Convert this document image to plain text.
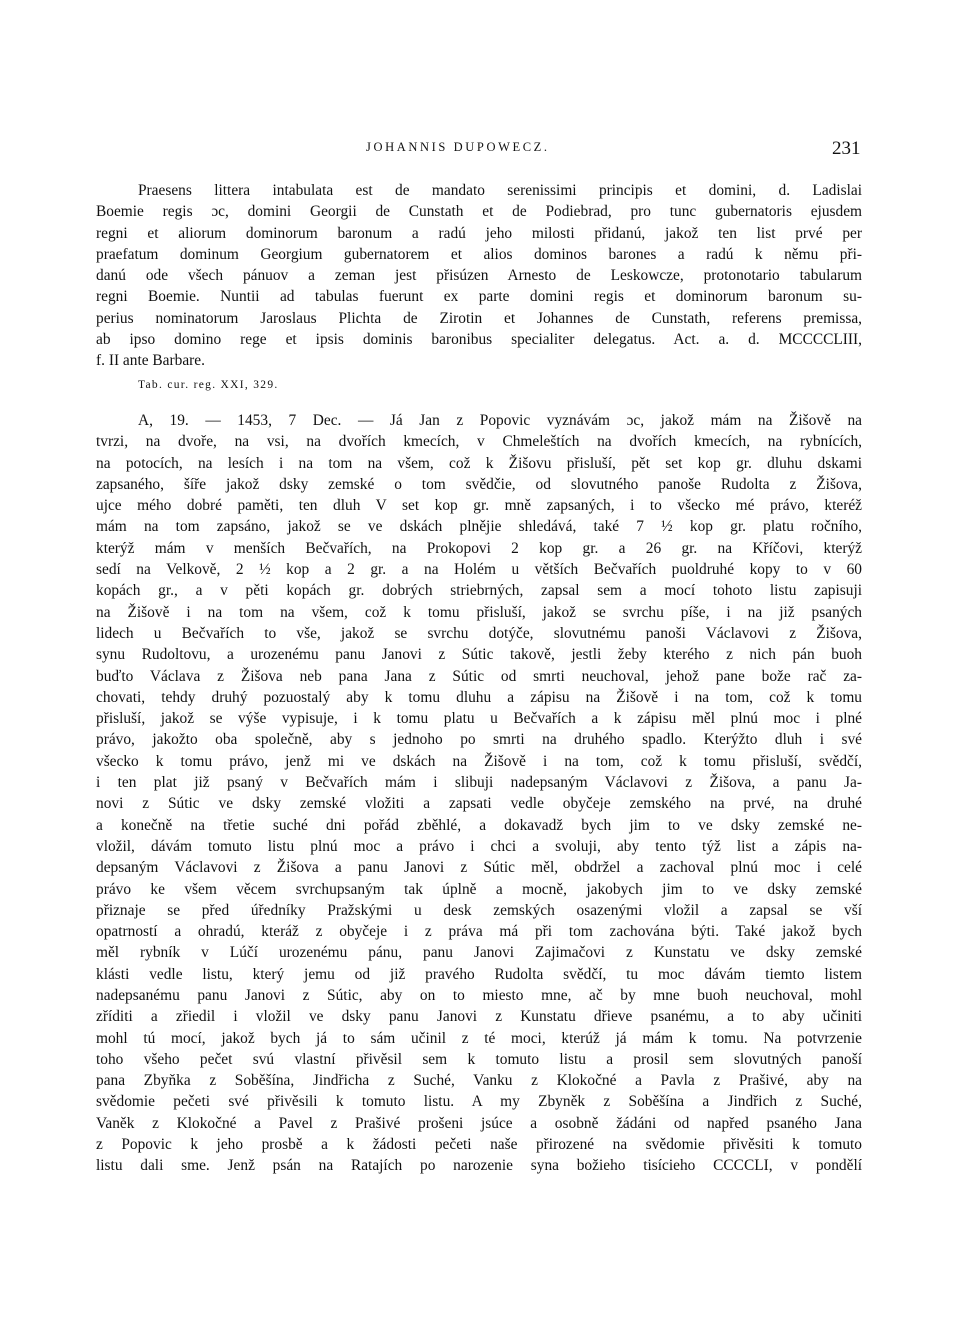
JOHANNIS DUPOWECZ.	231
Praesens littera intabulata est de mandato serenissimi principis et domini, d. Ladislai
Boemie regis ɔc, domini Georgii de Cunstath et de Podiebrad, pro tunc gubernatoris ejusdem
regni et aliorum dominorum baronum a radú jeho milosti přidanú, jakož ten list prvé per
praefatum dominum Georgium gubernatorem et alios dominos barones a radú k němu při-
danú ode všech pánuov a zeman jest přisúzen Arnesto de Leskowcze, protonotario tabularum
regni Boemie. Nuntii ad tabulas fuerunt ex parte domini regis et dominorum baronum su-
perius nominatorum Jaroslaus Plichta de Zirotin et Johannes de Cunstath, referens premissa,
ab ipso domino rege et ipsis dominis baronibus specialiter delegatus. Act. a. d. MCCCCLIII,
f. II ante Barbare.
Tab. cur. reg. XXI, 329.
A, 19. — 1453, 7 Dec. — Já Jan z Popovic vyznávám ɔc, jakož mám na Žišově na
tvrzi, na dvoře, na vsi, na dvořích kmecích, v Chmeleštích na dvořích kmecích, na rybnících,
na potocích, na lesích i na tom na všem, což k Žišovu přisluší, pět set kop gr. dluhu dskami
zapsaného, šíře jakož dsky zemské o tom svědčie, od slovutného panoše Rudolta z Žišova,
ujce mého dobré paměti, ten dluh V set kop gr. mně zapsaných, i to všecko mé právo, kteréž
mám na tom zapsáno, jakož se ve dskách plnějie shledává, také 7 ½ kop gr. platu ročního,
kterýž mám v menších Bečvařích, na Prokopovi 2 kop gr. a 26 gr. na Kříčovi, kterýž
sedí na Velkově, 2 ½ kop a 2 gr. a na Holém u větších Bečvařích puoldruhé kopy to v 60
kopách gr., a v pěti kopách gr. dobrých striebrných, zapsal sem a mocí tohoto listu zapisuji
na Žišově i na tom na všem, což k tomu přisluší, jakož se svrchu píše, i na již psaných
lidech u Bečvařích to vše, jakož se svrchu dotýče, slovutnému panoši Václavovi z Žišova,
synu Rudoltovu, a urozenému panu Janovi z Sútic takově, jestli žeby kterého z nich pán buoh
buďto Václava z Žišova neb pana Jana z Sútic od smrti neuchoval, jehož pane bože rač za-
chovati, tehdy druhý pozuostalý aby k tomu dluhu a zápisu na Žišově i na tom, což k tomu
přisluší, jakož se výše vypisuje, i k tomu platu u Bečvařích a k zápisu měl plnú moc i plné
právo, jakožto oba společně, aby s jednoho po smrti na druhého spadlo. Kterýžto dluh i své
všecko k tomu právo, jenž mi ve dskách na Žišově i na tom, což k tomu přisluší, svědčí,
i ten plat již psaný v Bečvařích mám i slibuji nadepsaným Václavovi z Žišova, a panu Ja-
novi z Sútic ve dsky zemské vložiti a zapsati vedle obyčeje zemského na prvé, na druhé
a konečně na třetie suché dni pořád zběhlé, a dokavadž bych jim to ve dsky zemské ne-
vložil, dávám tomuto listu plnú moc a právo i chci a svoluji, aby tento týž list a zápis na-
depsaným Václavovi z Žišova a panu Janovi z Sútic měl, obdržel a zachoval plnú moc i celé
právo ke všem věcem svrchupsaným tak úplně a mocně, jakobych jim to ve dsky zemské
přiznaje se před úředníky Pražskými u desk zemských osazenými vložil a zapsal se vší
opatrností a ohradú, kteráž z obyčeje i z práva má při tom zachována býti. Také jakož bych
měl rybník v Lúčí urozenému pánu, panu Janovi Zajimačovi z Kunstatu ve dsky zemské
klásti vedle listu, který jemu od již pravého Rudolta svědčí, tu moc dávám tiemto listem
nadepsanému panu Janovi z Sútic, aby on to miesto mne, ač by mne buoh neuchoval, mohl
zříditi a zřiedil i vložil ve dsky panu Janovi z Kunstatu dřieve psanému, a to aby učiniti
mohl tú mocí, jakož bych já to sám učinil z té moci, kterúž já mám k tomu. Na potvrzenie
toho všeho pečet svú vlastní přivěsil sem k tomuto listu a prosil sem slovutných panoší
pana Zbyňka z Soběšína, Jindřicha z Suché, Vanku z Klokočné a Pavla z Prašivé, aby na
svědomie pečeti své přivěsili k tomuto listu. A my Zbyněk z Soběšína a Jindřich z Suché,
Vaněk z Klokočné a Pavel z Prašivé prošeni jsúce a osobně žádáni od napřed psaného Jana
z Popovic k jeho prosbě a k žádosti pečeti naše přirozené na svědomie přivěsiti k tomuto
listu dali sme. Jenž psán na Ratajích po narozenie syna božieho tisícieho CCCCLI, v pondělí
